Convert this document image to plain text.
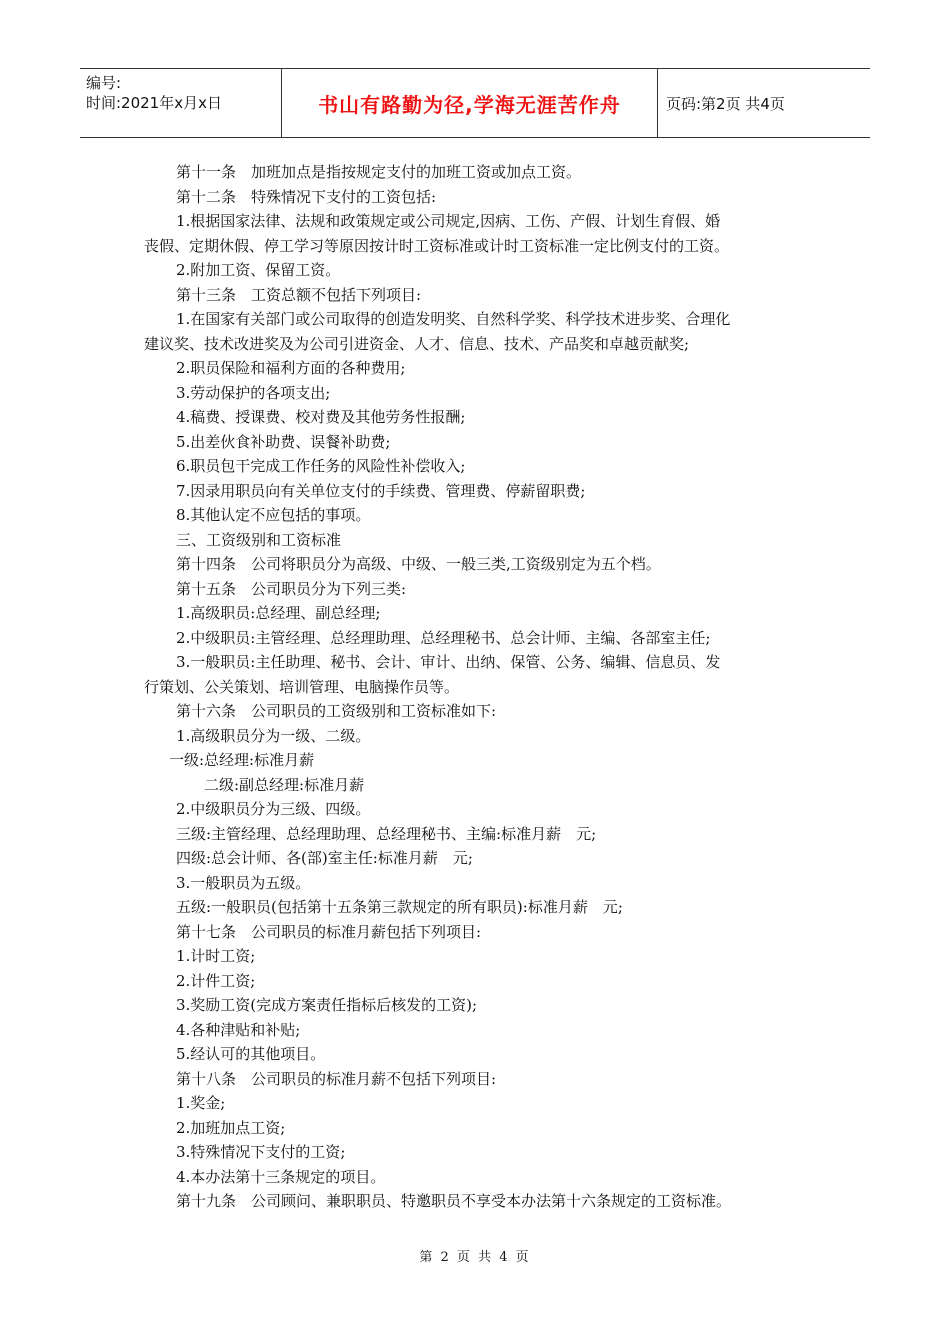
编号:
时间:2021年x月x日	书山有路勤为径,学海无涯苦作舟	页码:第2页 共4页
第十一条　加班加点是指按规定支付的加班工资或加点工资。
第十二条　特殊情况下支付的工资包括:
1.根据国家法律、法规和政策规定或公司规定,因病、工伤、产假、计划生育假、婚
丧假、定期休假、停工学习等原因按计时工资标准或计时工资标准一定比例支付的工资。
2.附加工资、保留工资。
第十三条　工资总额不包括下列项目:
1.在国家有关部门或公司取得的创造发明奖、自然科学奖、科学技术进步奖、合理化
建议奖、技术改进奖及为公司引进资金、人才、信息、技术、产品奖和卓越贡献奖;
2.职员保险和福利方面的各种费用;
3.劳动保护的各项支出;
4.稿费、授课费、校对费及其他劳务性报酬;
5.出差伙食补助费、误餐补助费;
6.职员包干完成工作任务的风险性补偿收入;
7.因录用职员向有关单位支付的手续费、管理费、停薪留职费;
8.其他认定不应包括的事项。
三、工资级别和工资标准
第十四条　公司将职员分为高级、中级、一般三类,工资级别定为五个档。
第十五条　公司职员分为下列三类:
1.高级职员:总经理、副总经理;
2.中级职员:主管经理、总经理助理、总经理秘书、总会计师、主编、各部室主任;
3.一般职员:主任助理、秘书、会计、审计、出纳、保管、公务、编辑、信息员、发
行策划、公关策划、培训管理、电脑操作员等。
第十六条　公司职员的工资级别和工资标准如下:
1.高级职员分为一级、二级。
一级:总经理:标准月薪
二级:副总经理:标准月薪
2.中级职员分为三级、四级。
三级:主管经理、总经理助理、总经理秘书、主编:标准月薪　元;
四级:总会计师、各(部)室主任:标准月薪　元;
3.一般职员为五级。
五级:一般职员(包括第十五条第三款规定的所有职员):标准月薪　元;
第十七条　公司职员的标准月薪包括下列项目:
1.计时工资;
2.计件工资;
3.奖励工资(完成方案责任指标后核发的工资);
4.各种津贴和补贴;
5.经认可的其他项目。
第十八条　公司职员的标准月薪不包括下列项目:
1.奖金;
2.加班加点工资;
3.特殊情况下支付的工资;
4.本办法第十三条规定的项目。
第十九条　公司顾问、兼职职员、特邀职员不享受本办法第十六条规定的工资标准。
第 2 页 共 4 页
